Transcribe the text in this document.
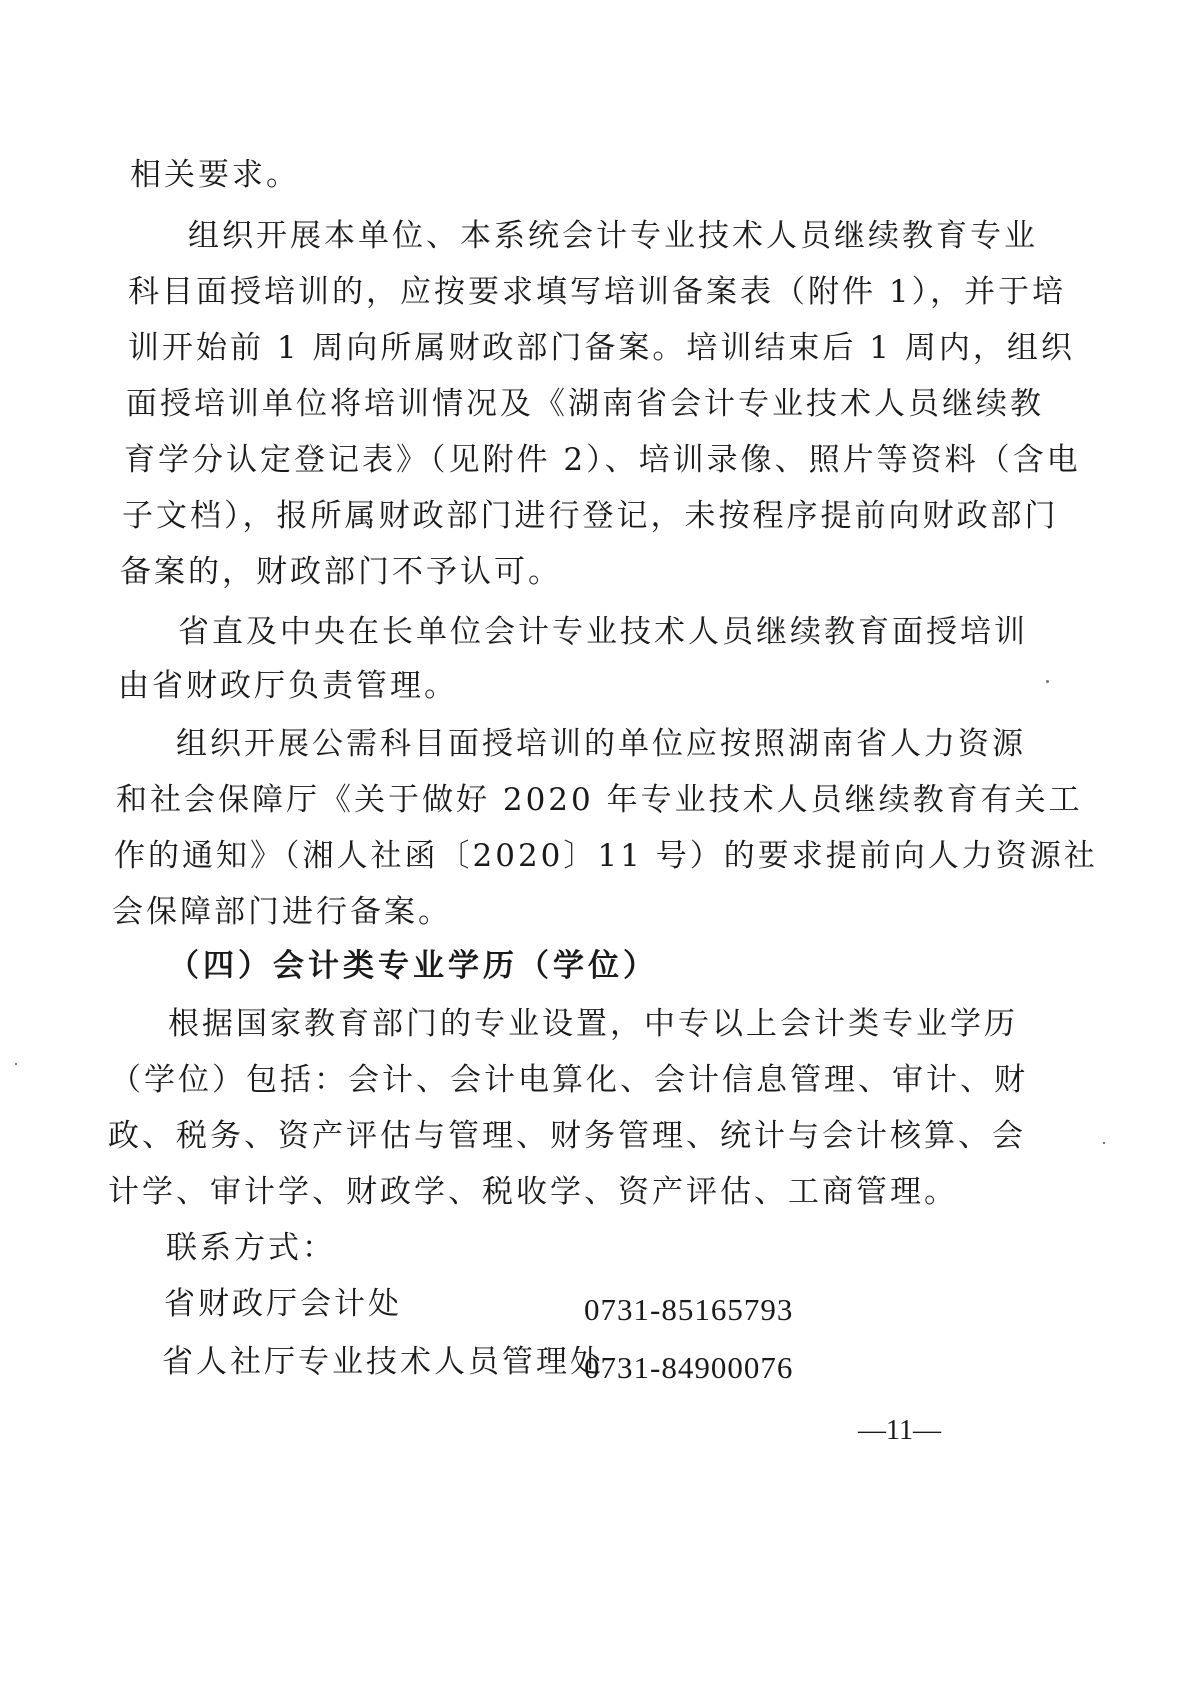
相关要求。
组织开展本单位、本系统会计专业技术人员继续教育专业
科目面授培训的，应按要求填写培训备案表（附件 1），并于培
训开始前 1 周向所属财政部门备案。培训结束后 1 周内，组织
面授培训单位将培训情况及《湖南省会计专业技术人员继续教
育学分认定登记表》（见附件 2）、培训录像、照片等资料（含电
子文档），报所属财政部门进行登记，未按程序提前向财政部门
备案的，财政部门不予认可。
省直及中央在长单位会计专业技术人员继续教育面授培训
由省财政厅负责管理。
组织开展公需科目面授培训的单位应按照湖南省人力资源
和社会保障厅《关于做好 2020 年专业技术人员继续教育有关工
作的通知》（湘人社函〔2020〕11 号）的要求提前向人力资源社
会保障部门进行备案。
（四）会计类专业学历（学位）
根据国家教育部门的专业设置，中专以上会计类专业学历
（学位）包括：会计、会计电算化、会计信息管理、审计、财
政、税务、资产评估与管理、财务管理、统计与会计核算、会
计学、审计学、财政学、税收学、资产评估、工商管理。
联系方式：
省财政厅会计处	0731-85165793
省人社厅专业技术人员管理处
0731-84900076
—11—
